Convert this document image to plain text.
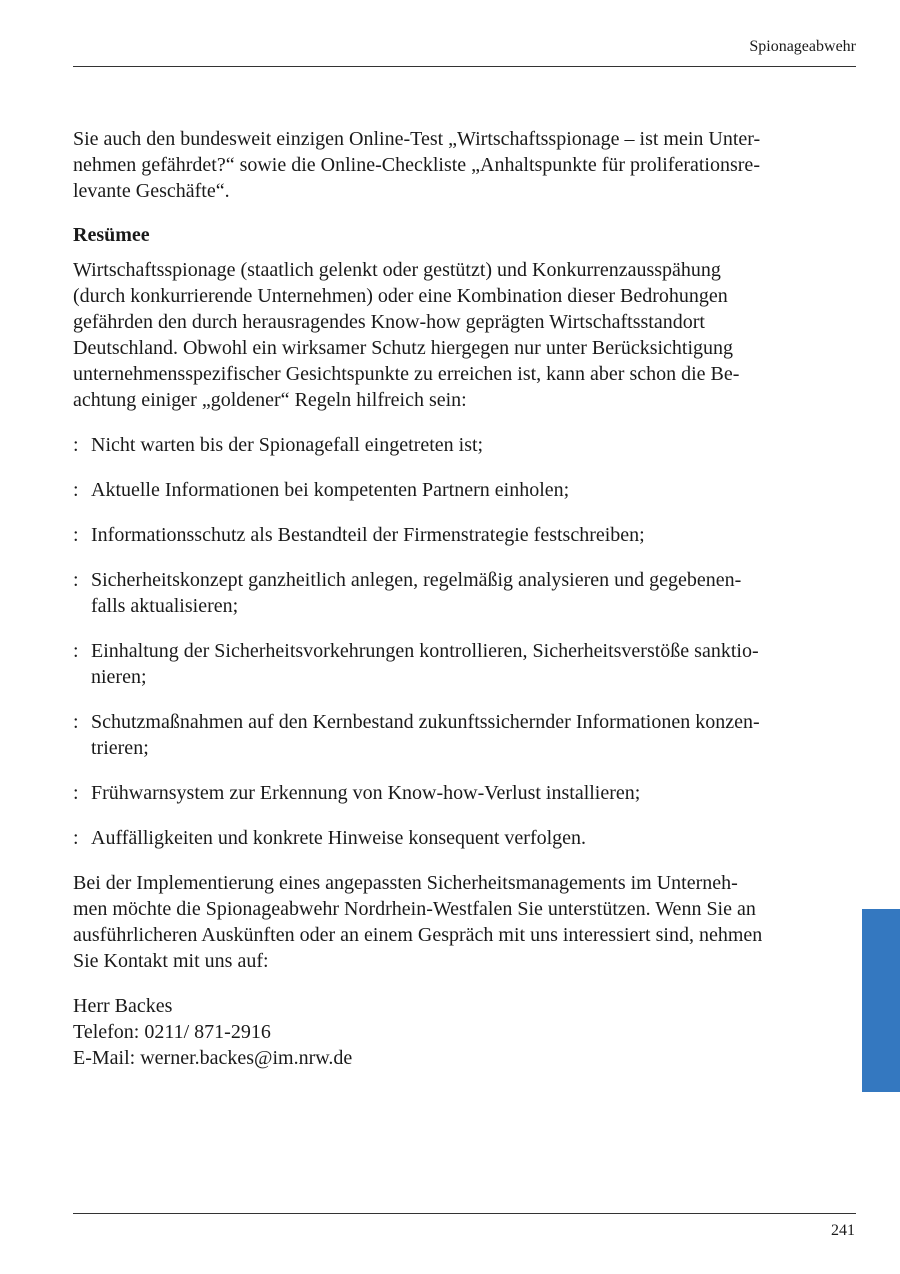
Spionageabwehr

Sie auch den bundesweit einzigen Online-Test „Wirtschaftsspionage – ist mein Unter-
nehmen gefährdet?“ sowie die Online-Checkliste „Anhaltspunkte für proliferationsre-
levante Geschäfte“.

Resümee

Wirtschaftsspionage (staatlich gelenkt oder gestützt) und Konkurrenzausspähung
(durch konkurrierende Unternehmen) oder eine Kombination dieser Bedrohungen
gefährden den durch herausragendes Know-how geprägten Wirtschaftsstandort
Deutschland. Obwohl ein wirksamer Schutz hiergegen nur unter Berücksichtigung
unternehmensspezifischer Gesichtspunkte zu erreichen ist, kann aber schon die Be-
achtung einiger „goldener“ Regeln hilfreich sein:

: Nicht warten bis der Spionagefall eingetreten ist;
: Aktuelle Informationen bei kompetenten Partnern einholen;
: Informationsschutz als Bestandteil der Firmenstrategie festschreiben;
: Sicherheitskonzept ganzheitlich anlegen, regelmäßig analysieren und gegebenen-
falls aktualisieren;
: Einhaltung der Sicherheitsvorkehrungen kontrollieren, Sicherheitsverstöße sanktio-
nieren;
: Schutzmaßnahmen auf den Kernbestand zukunftssichernder Informationen konzen-
trieren;
: Frühwarnsystem zur Erkennung von Know-how-Verlust installieren;
: Auffälligkeiten und konkrete Hinweise konsequent verfolgen.

Bei der Implementierung eines angepassten Sicherheitsmanagements im Unterneh-
men möchte die Spionageabwehr Nordrhein-Westfalen Sie unterstützen. Wenn Sie an
ausführlicheren Auskünften oder an einem Gespräch mit uns interessiert sind, nehmen
Sie Kontakt mit uns auf:

Herr Backes
Telefon: 0211/ 871-2916
E-Mail: werner.backes@im.nrw.de

241
